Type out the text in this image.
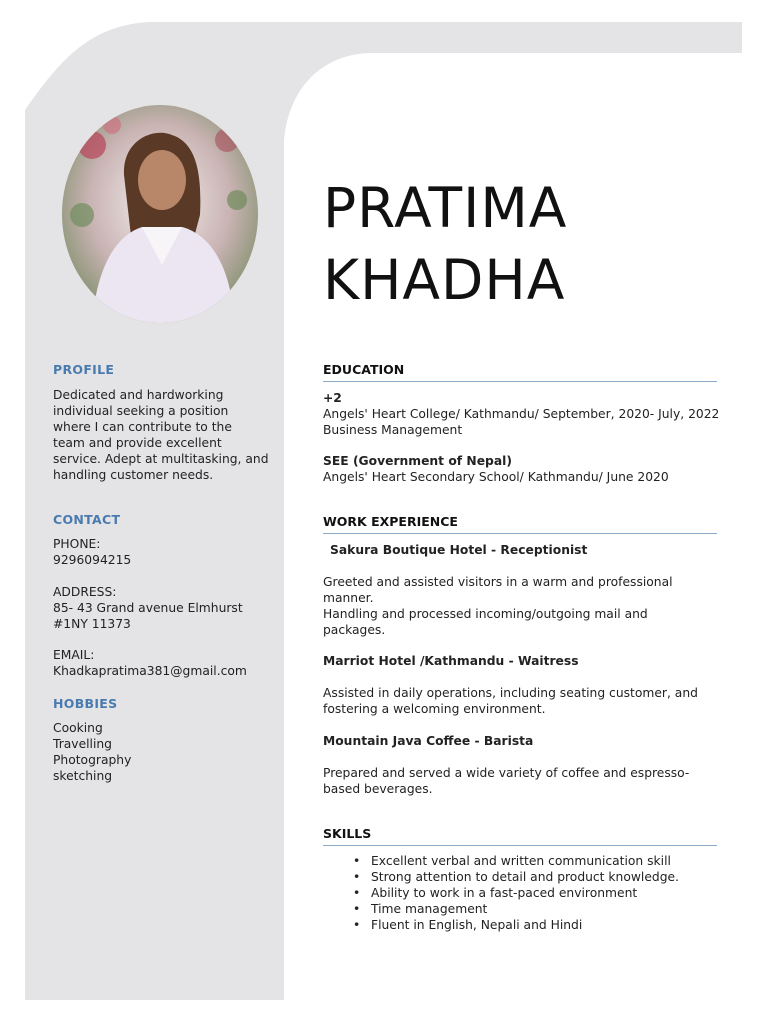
PRATIMA
KHADHA
PROFILE

Dedicated and hardworking
individual seeking a position
where I can contribute to the
team and provide excellent
service. Adept at multitasking, and
handling customer needs.

CONTACT

PHONE:
9296094215

ADDRESS:
85- 43 Grand avenue Elmhurst
#1NY 11373

EMAIL:
Khadkapratima381@gmail.com

HOBBIES

Cooking
Travelling
Photography
sketching

EDUCATION

+2
Angels' Heart College/ Kathmandu/ September, 2020- July, 2022
Business Management

SEE (Government of Nepal)
Angels' Heart Secondary School/ Kathmandu/ June 2020

WORK EXPERIENCE

Sakura Boutique Hotel - Receptionist

Greeted and assisted visitors in a warm and professional
manner.
Handling and processed incoming/outgoing mail and
packages.

Marriot Hotel /Kathmandu - Waitress

Assisted in daily operations, including seating customer, and
fostering a welcoming environment.

Mountain Java Coffee - Barista

Prepared and served a wide variety of coffee and espresso-
based beverages.

SKILLS
• Excellent verbal and written communication skill
• Strong attention to detail and product knowledge.
• Ability to work in a fast-paced environment
• Time management
• Fluent in English, Nepali and Hindi
